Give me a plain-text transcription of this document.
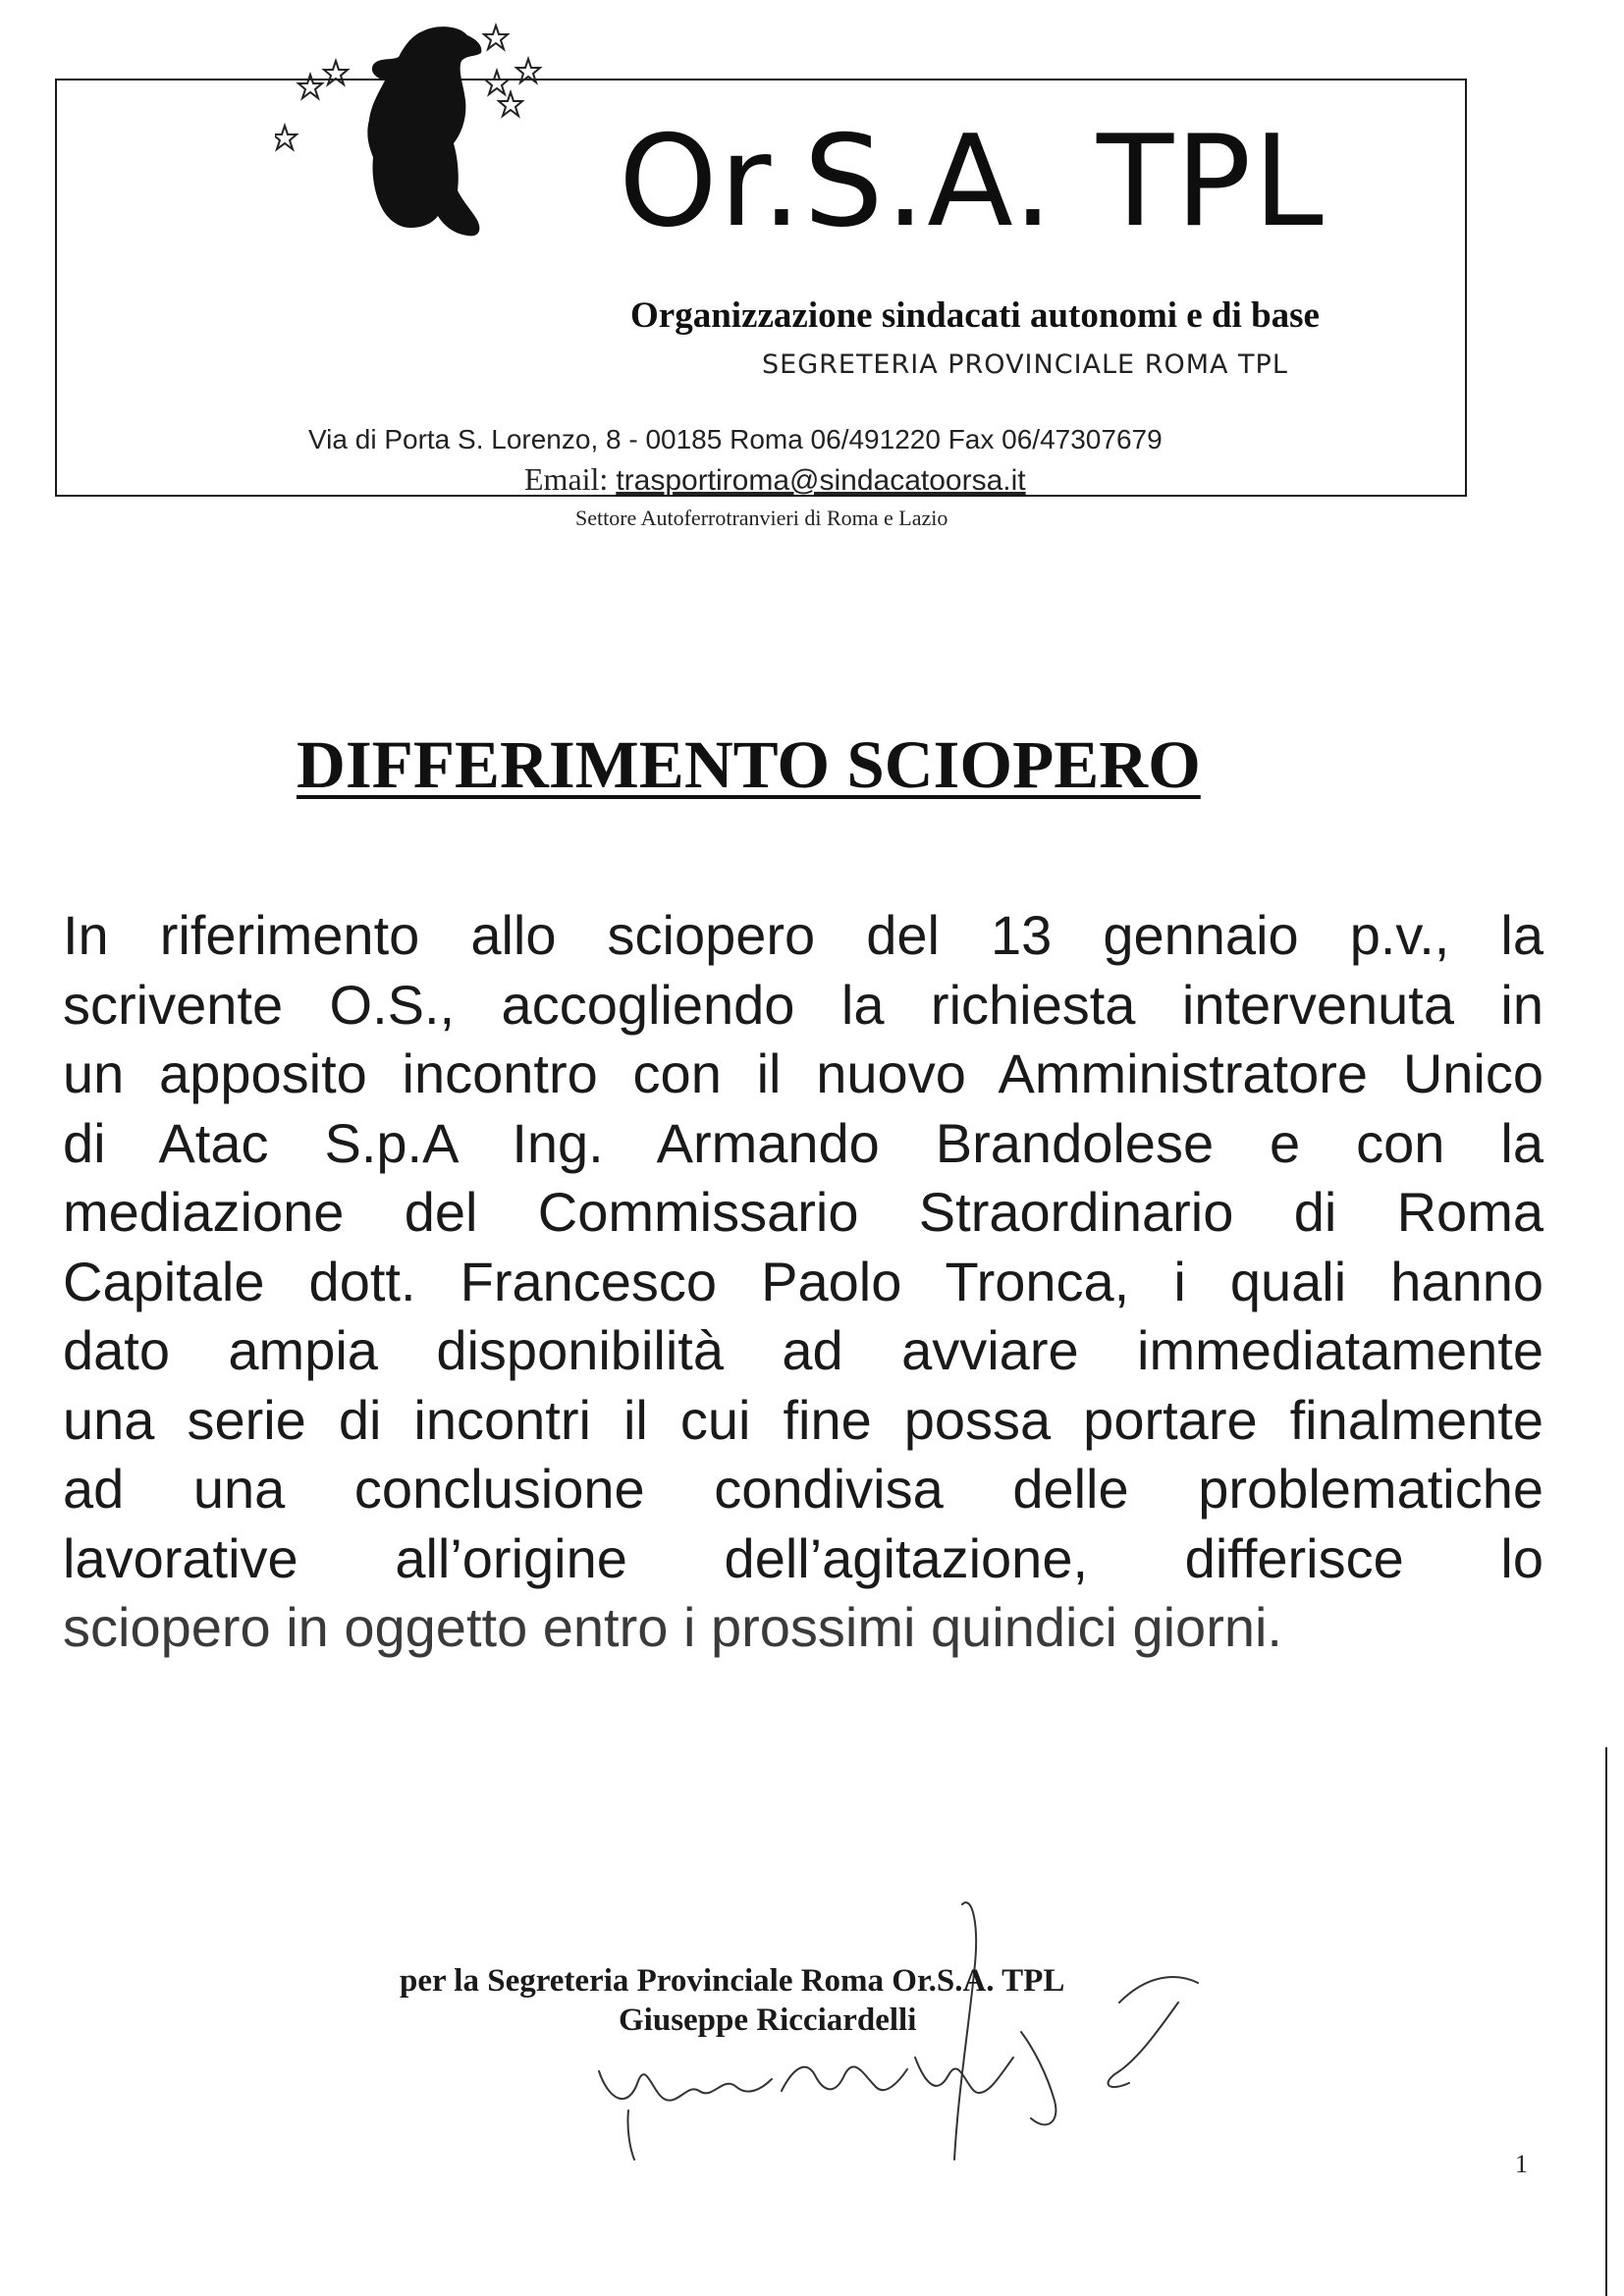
Or.S.A. TPL
Organizzazione sindacati autonomi e di base
SEGRETERIA PROVINCIALE ROMA TPL
Via di Porta S. Lorenzo, 8 - 00185 Roma 06/491220 Fax 06/47307679
Email: trasportiroma@sindacatoorsa.it
Settore Autoferrotranvieri di Roma e Lazio
DIFFERIMENTO SCIOPERO
In riferimento allo sciopero del 13 gennaio p.v., la
scrivente O.S., accogliendo la richiesta intervenuta in
un apposito incontro con il nuovo Amministratore Unico
di Atac S.p.A Ing. Armando Brandolese e con la
mediazione del Commissario Straordinario di Roma
Capitale dott. Francesco Paolo Tronca, i quali hanno
dato ampia disponibilità ad avviare immediatamente
una serie di incontri il cui fine possa portare finalmente
ad una conclusione condivisa delle problematiche
lavorative all’origine dell’agitazione, differisce lo
sciopero in oggetto entro i prossimi quindici giorni.
per la Segreteria Provinciale Roma Or.S.A. TPL
Giuseppe Ricciardelli
1
